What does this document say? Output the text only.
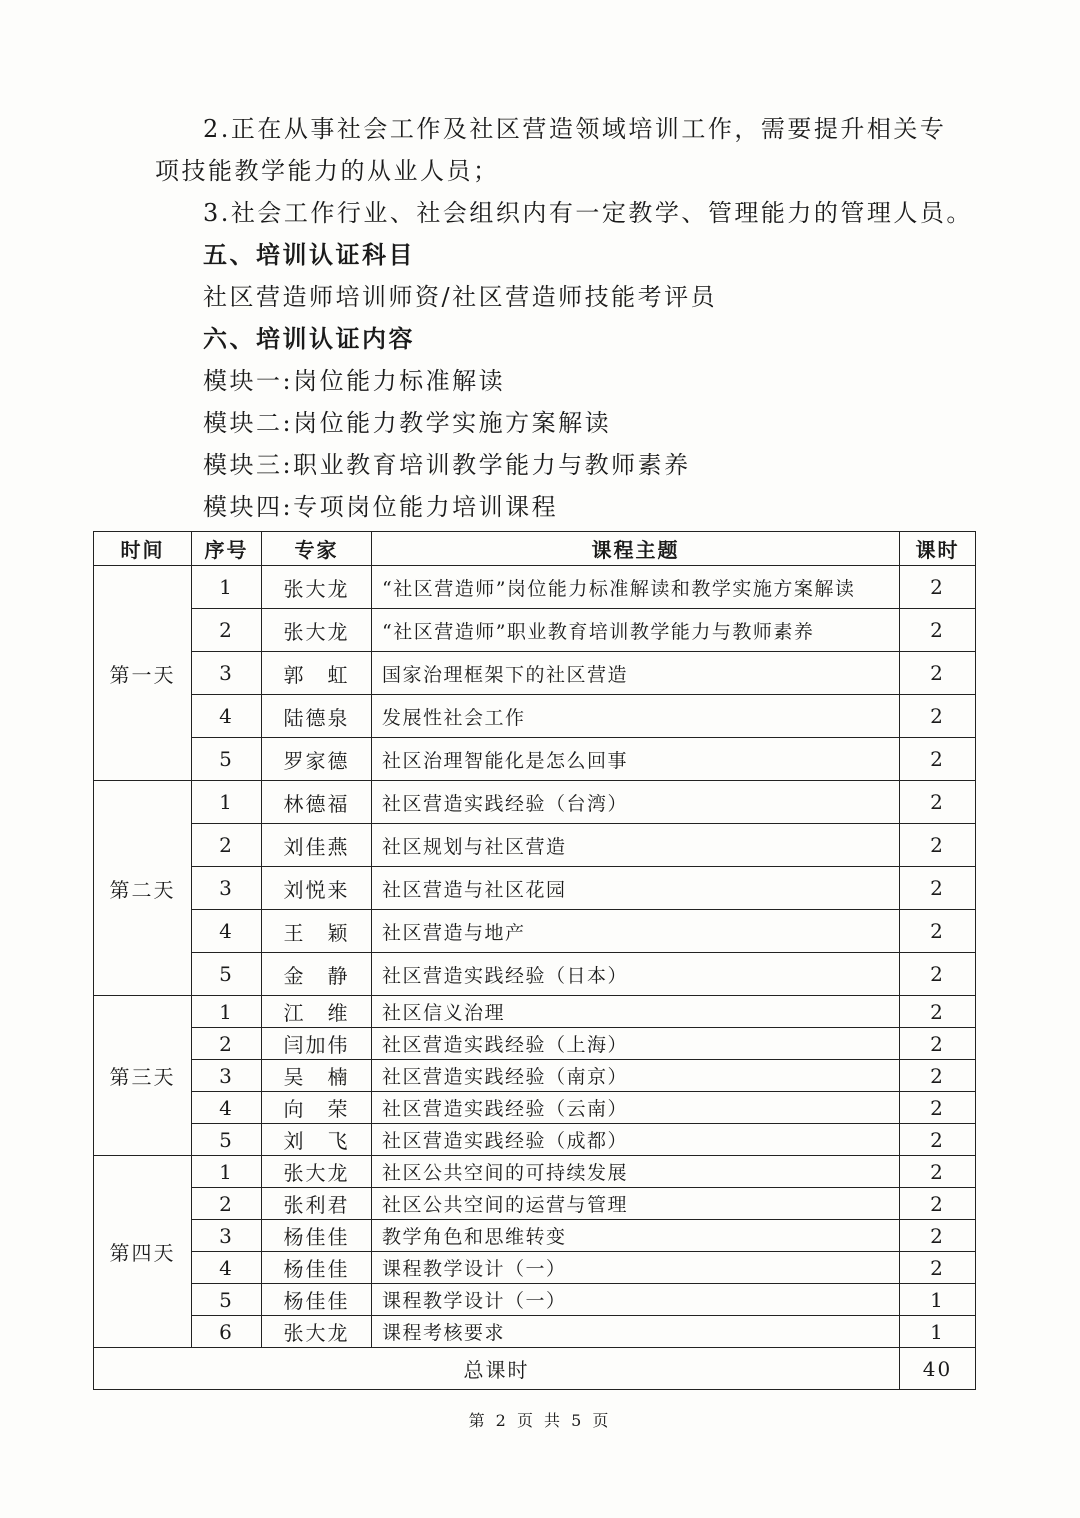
2.正在从事社会工作及社区营造领域培训工作，需要提升相关专

项技能教学能力的从业人员；

3.社会工作行业、社会组织内有一定教学、管理能力的管理人员。

五、培训认证科目

社区营造师培训师资/社区营造师技能考评员

六、培训认证内容

模块一:岗位能力标准解读

模块二:岗位能力教学实施方案解读

模块三:职业教育培训教学能力与教师素养

模块四:专项岗位能力培训课程

时间	序号	专家	课程主题	课时
第一天	1	张大龙	“社区营造师”岗位能力标准解读和教学实施方案解读	2
	2	张大龙	“社区营造师”职业教育培训教学能力与教师素养	2
	3	郭　虹	国家治理框架下的社区营造	2
	4	陆德泉	发展性社会工作	2
	5	罗家德	社区治理智能化是怎么回事	2
第二天	1	林德福	社区营造实践经验（台湾）	2
	2	刘佳燕	社区规划与社区营造	2
	3	刘悦来	社区营造与社区花园	2
	4	王　颖	社区营造与地产	2
	5	金　静	社区营造实践经验（日本）	2
第三天	1	江　维	社区信义治理	2
	2	闫加伟	社区营造实践经验（上海）	2
	3	吴　楠	社区营造实践经验（南京）	2
	4	向　荣	社区营造实践经验（云南）	2
	5	刘　飞	社区营造实践经验（成都）	2
第四天	1	张大龙	社区公共空间的可持续发展	2
	2	张利君	社区公共空间的运营与管理	2
	3	杨佳佳	教学角色和思维转变	2
	4	杨佳佳	课程教学设计（一）	2
	5	杨佳佳	课程教学设计（一）	1
	6	张大龙	课程考核要求	1
总课时				40
第 2 页 共 5 页
